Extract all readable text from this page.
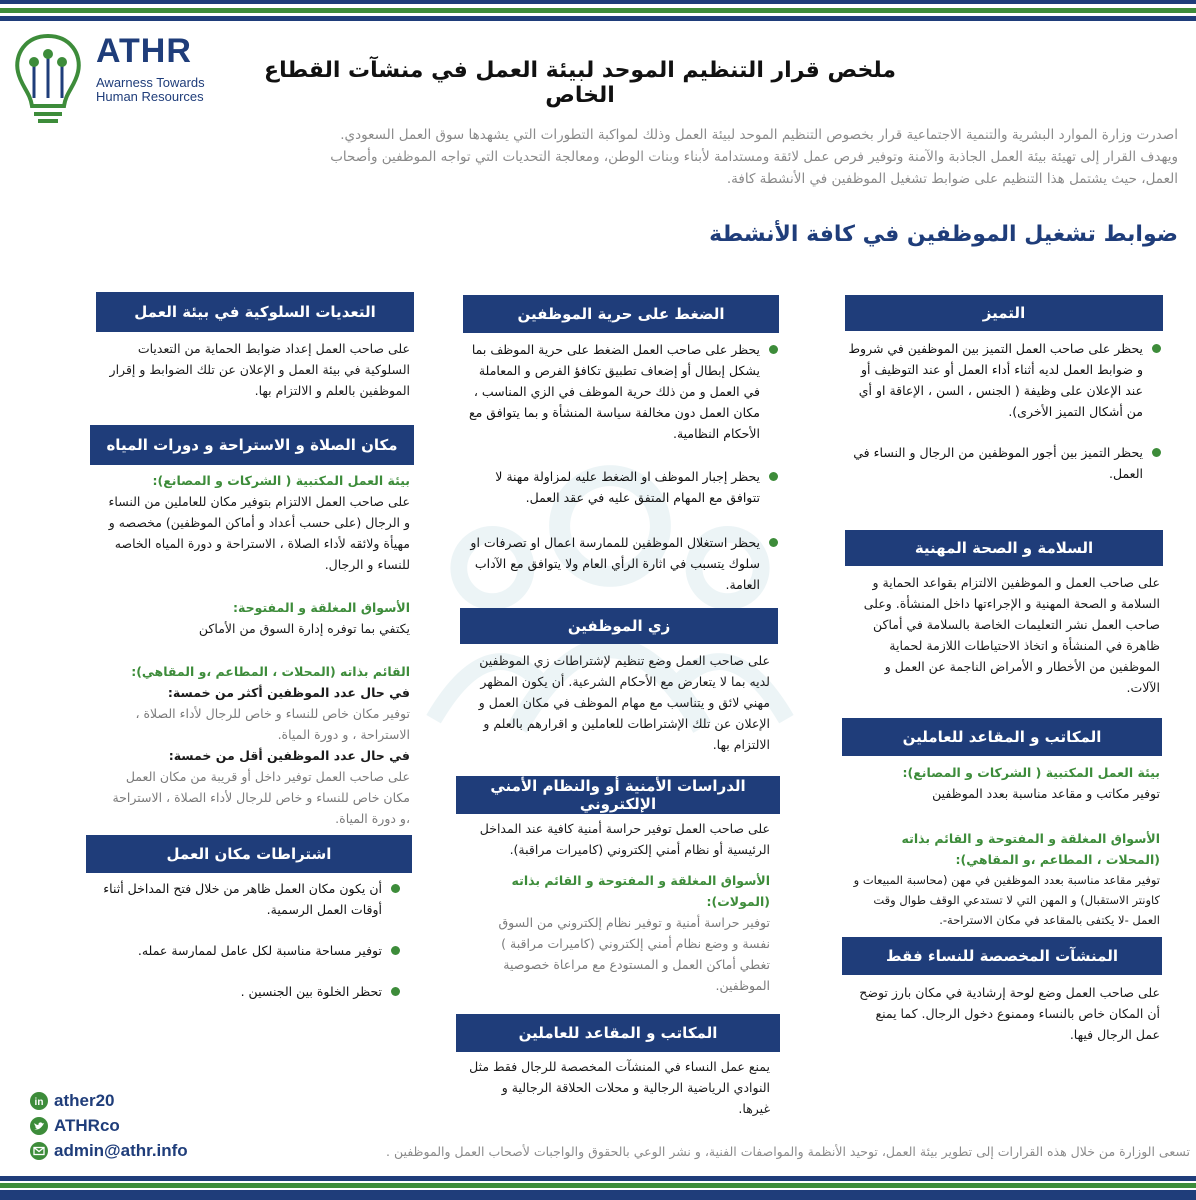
ATHR
Awarness Towards
Human Resources
ملخص قرار التنظيم الموحد لبيئة العمل في منشآت القطاع الخاص
اصدرت وزارة الموارد البشرية والتنمية الاجتماعية قرار بخصوص التنظيم الموحد لبيئة العمل وذلك لمواكبة التطورات التي يشهدها سوق العمل السعودي.
ويهدف القرار إلى تهيئة بيئة العمل الجاذبة والآمنة وتوفير فرص عمل لائقة ومستدامة لأبناء وبنات الوطن، ومعالجة التحديات التي تواجه الموظفين وأصحاب
العمل، حيث يشتمل هذا التنظيم على ضوابط تشغيل الموظفين في الأنشطة كافة.
ضوابط تشغيل الموظفين في كافة الأنشطة
التميز
يحظر على صاحب العمل التميز بين الموظفين في شروط و ضوابط العمل لديه أثناء أداء العمل أو عند التوظيف أو عند الإعلان على وظيفة ( الجنس ، السن ، الإعاقة او أي من أشكال التميز الأخرى).
يحظر التميز بين أجور الموظفين من الرجال و النساء في العمل.
السلامة و الصحة المهنية
على صاحب العمل و الموظفين الالتزام بقواعد الحماية و السلامة و الصحة المهنية و الإجراءتها داخل المنشأة. وعلى صاحب العمل نشر التعليمات الخاصة بالسلامة في أماكن ظاهرة في المنشأة و اتخاذ الاحتياطات اللازمة لحماية الموظفين من الأخطار و الأمراض الناجمة عن العمل و الآلات.
المكاتب و المقاعد للعاملين
بيئة العمل المكتبية ( الشركات و المصانع):
توفير مكاتب و مقاعد مناسبة بعدد الموظفين
الأسواق المغلقة و المفتوحة و القائم بذاته (المحلات ، المطاعم ،و المقاهي):
توفير مقاعد مناسبة بعدد الموظفين في مهن (محاسبة المبيعات و كاونتر الاستقبال) و المهن التي لا تستدعي الوقف طوال وقت العمل -لا يكتفى بالمقاعد في مكان الاستراحة-.
المنشآت المخصصة للنساء فقط
على صاحب العمل وضع لوحة إرشادية في مكان بارز توضح أن المكان خاص بالنساء وممنوع دخول الرجال. كما يمنع عمل الرجال فيها.
الضغط على حرية الموظفين
يحظر على صاحب العمل الضغط على حرية الموظف بما يشكل إبطال أو إضعاف تطبيق تكافؤ الفرص و المعاملة في العمل و من ذلك حرية الموظف في الزي المناسب ، مكان العمل دون مخالفة سياسة المنشأة و بما يتوافق مع الأحكام النظامية.
يحظر إجبار الموظف او الضغط عليه لمزاولة مهنة لا تتوافق مع المهام المتفق عليه في عقد العمل.
يحظر استغلال الموظفين للممارسة اعمال او تصرفات او سلوك يتسبب في اثارة الرأي العام ولا يتوافق مع الآداب العامة.
زي الموظفين
على صاحب العمل وضع تنظيم لإشتراطات زي الموظفين لديه بما لا يتعارض مع الأحكام الشرعية. أن يكون المظهر مهني لائق و يتناسب مع مهام الموظف في مكان العمل و الإعلان عن تلك الإشتراطات للعاملين و اقرارهم بالعلم و الالتزام بها.
الدراسات الأمنية أو والنظام الأمني الإلكتروني
على صاحب العمل توفير حراسة أمنية كافية عند المداخل الرئيسية أو نظام أمني إلكتروني (كاميرات مراقبة).
الأسواق المغلقة و المفتوحة و القائم بذاته (المولات):
توفير حراسة أمنية و توفير نظام إلكتروني من السوق نفسة و وضع نظام أمني إلكتروني (كاميرات مراقبة ) تغطي أماكن العمل و المستودع مع مراعاة خصوصية الموظفين.
المكاتب و المقاعد للعاملين
يمنع عمل النساء في المنشآت المخصصة للرجال فقط مثل النوادي الرياضية الرجالية و محلات الحلاقة الرجالية و غيرها.
التعديات السلوكية في بيئة العمل
على صاحب العمل إعداد ضوابط الحماية من التعديات السلوكية في بيئة العمل و الإعلان عن تلك الضوابط و إقرار الموظفين بالعلم و الالتزام بها.
مكان الصلاة و الاستراحة و دورات المياه
بيئة العمل المكتبية ( الشركات و المصانع):
على صاحب العمل الالتزام بتوفير مكان للعاملين من النساء و الرجال (على حسب أعداد و أماكن الموظفين) مخصصه و مهيأة ولائقه لأداء الصلاة ، الاستراحة و دورة المياه الخاصه للنساء و الرجال.
الأسواق المغلقة و المفتوحة:
يكتفي بما توفره إدارة السوق من الأماكن
القائم بذاته (المحلات ، المطاعم ،و المقاهي):
في حال عدد الموظفين أكثر من خمسة:
توفير مكان خاص للنساء و خاص للرجال لأداء الصلاة ، الاستراحة ، و دورة المياة.
في حال عدد الموظفين أقل من خمسة:
على صاحب العمل توفير داخل أو قريبة من مكان العمل مكان خاص للنساء و خاص للرجال لأداء الصلاة ، الاستراحة ،و دورة المياة.
اشتراطات مكان العمل
أن يكون مكان العمل ظاهر من خلال فتح المداخل أثناء أوقات العمل الرسمية.
توفير مساحة مناسبة لكل عامل لممارسة عمله.
تحظر الخلوة بين الجنسين .
in ather20
ATHRco
admin@athr.info	تسعى الوزارة من خلال هذه القرارات إلى تطوير بيئة العمل، توحيد الأنظمة والمواصفات الفنية، و نشر الوعي بالحقوق والواجبات لأصحاب العمل والموظفين .
